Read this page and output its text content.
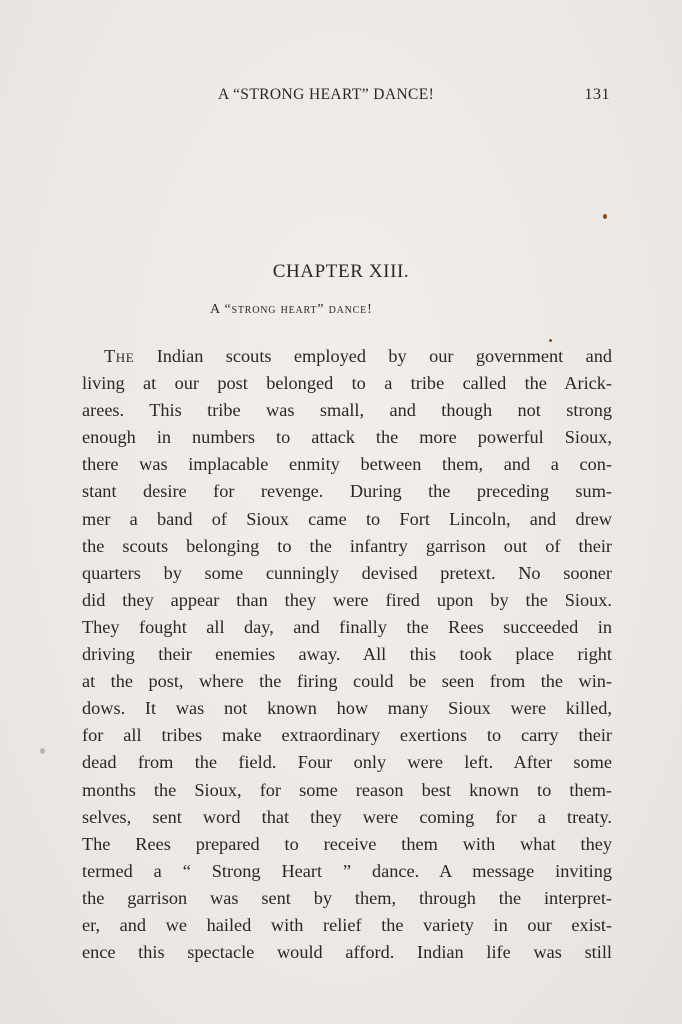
A “STRONG HEART” DANCE!	131
CHAPTER XIII.
A “strong heart” dance!
The Indian scouts employed by our government and
living at our post belonged to a tribe called the Arick-
arees. This tribe was small, and though not strong
enough in numbers to attack the more powerful Sioux,
there was implacable enmity between them, and a con-
stant desire for revenge. During the preceding sum-
mer a band of Sioux came to Fort Lincoln, and drew
the scouts belonging to the infantry garrison out of their
quarters by some cunningly devised pretext. No sooner
did they appear than they were fired upon by the Sioux.
They fought all day, and finally the Rees succeeded in
driving their enemies away. All this took place right
at the post, where the firing could be seen from the win-
dows. It was not known how many Sioux were killed,
for all tribes make extraordinary exertions to carry their
dead from the field. Four only were left. After some
months the Sioux, for some reason best known to them-
selves, sent word that they were coming for a treaty.
The Rees prepared to receive them with what they
termed a “ Strong Heart ” dance. A message inviting
the garrison was sent by them, through the interpret-
er, and we hailed with relief the variety in our exist-
ence this spectacle would afford. Indian life was still
